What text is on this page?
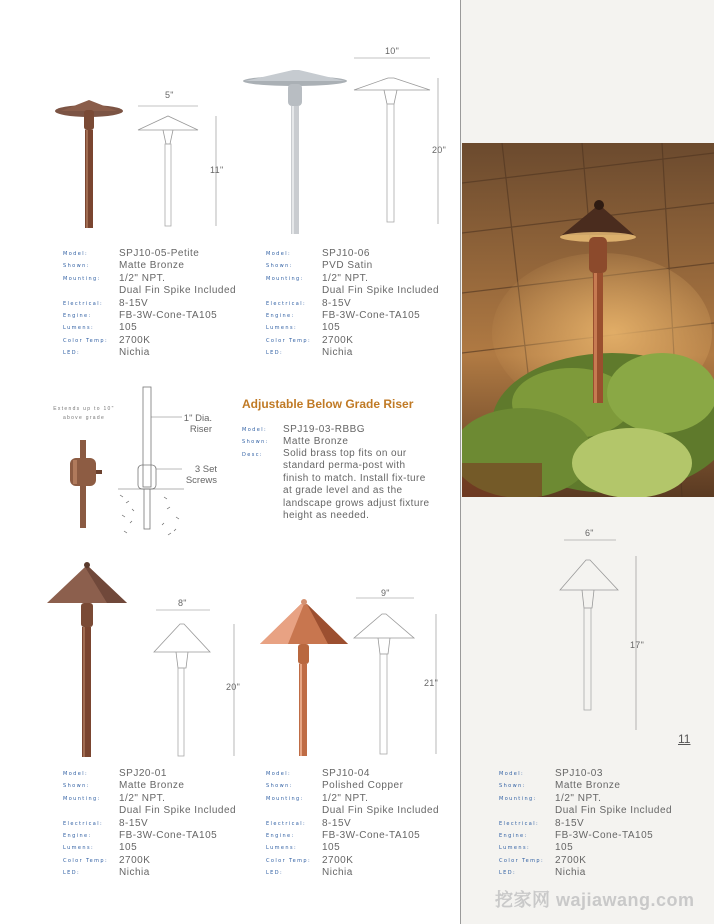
5"
11"
10"
20"
Model:	SPJ10-05-Petite
Shown:	Matte Bronze
Mounting: 1/2" NPT.
Dual Fin Spike Included
Electrical: 8-15V
Engine:	FB-3W-Cone-TA105
Lumens: 105
Color Temp: 2700K
LED:	Nichia
Model:	SPJ10-06
Shown:	PVD Satin
Mounting: 1/2" NPT.
Dual Fin Spike Included
Electrical: 8-15V
Engine:	FB-3W-Cone-TA105
Lumens: 105
Color Temp: 2700K
LED:	Nichia
Extends up to 10"
above grade	1" Dia.
Riser
3 Set
Screws
Adjustable Below Grade Riser
Model: SPJ19-03-RBBG
Shown: Matte Bronze
Desc: Solid brass top fits on our standard perma-post with finish to match. Install fix-ture at grade level and as the landscape grows adjust fixture height as needed.
8"
20"
9"
21"
Model:	SPJ20-01
Shown:	Matte Bronze
Mounting: 1/2" NPT.
Dual Fin Spike Included
Electrical: 8-15V
Engine:	FB-3W-Cone-TA105
Lumens: 105
Color Temp: 2700K
LED:	Nichia
Model:	SPJ10-04
Shown:	Polished Copper
Mounting: 1/2" NPT.
Dual Fin Spike Included
Electrical: 8-15V
Engine:	FB-3W-Cone-TA105
Lumens: 105
Color Temp: 2700K
LED:	Nichia
6"
17"
11
Model:	SPJ10-03
Shown:	Matte Bronze
Mounting: 1/2" NPT.
Dual Fin Spike Included
Electrical: 8-15V
Engine:	FB-3W-Cone-TA105
Lumens: 105
Color Temp: 2700K
LED:	Nichia
挖家网 wajiawang.com
